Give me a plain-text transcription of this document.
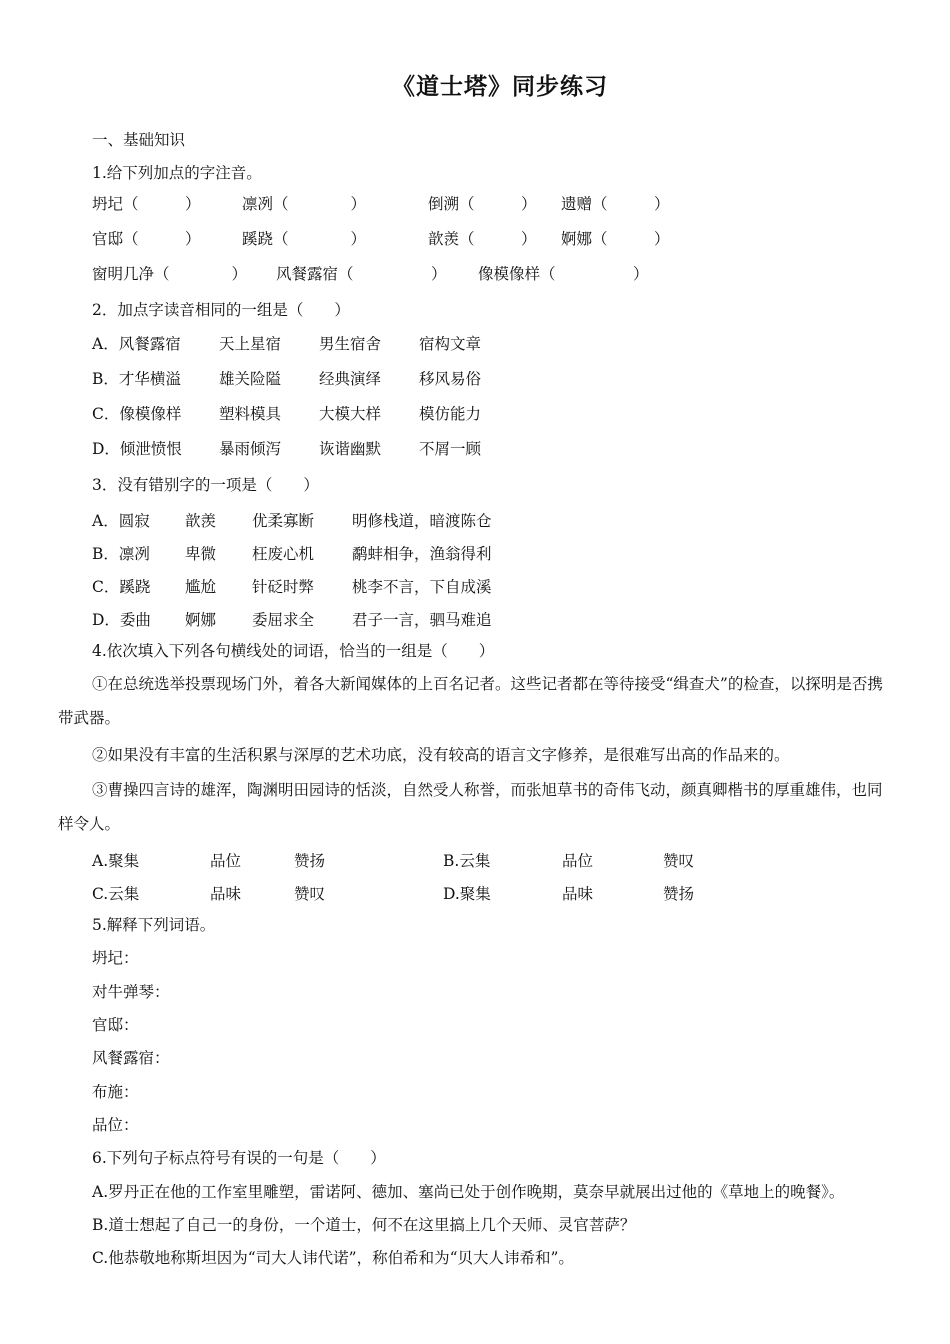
《道士塔》同步练习
一、基础知识
1.给下列加点的字注音。
坍圮（　　　）	凛冽（　　　　）	倒溯（　　　） 遗赠（　　　）
官邸（　　　）	蹊跷（　　　　）	歆羡（　　　） 婀娜（　　　）
窗明几净（　　　　） 风餐露宿（　　　　　） 像模像样（　　　　　）
2．加点字读音相同的一组是（　　）
A．风餐露宿 天上星宿 男生宿舍 宿构文章
B．才华横溢 雄关险隘 经典演绎 移风易俗
C．像模像样 塑料模具 大模大样 模仿能力
D．倾泄愤恨 暴雨倾泻 诙谐幽默 不屑一顾
3．没有错别字的一项是（　　）
A．圆寂 歆羡 优柔寡断 明修栈道，暗渡陈仓
B．凛冽 卑微 枉废心机 鹬蚌相争，渔翁得利
C．蹊跷 尴尬 针砭时弊 桃李不言，下自成溪
D．委曲 婀娜 委屈求全 君子一言，驷马难追
4.依次填入下列各句横线处的词语，恰当的一组是（　　）
①在总统选举投票现场门外，着各大新闻媒体的上百名记者。这些记者都在等待接受“缉查犬”的检查，以探明是否携带武器。
②如果没有丰富的生活积累与深厚的艺术功底，没有较高的语言文字修养，是很难写出高的作品来的。
③曹操四言诗的雄浑，陶渊明田园诗的恬淡，自然受人称誉，而张旭草书的奇伟飞动，颜真卿楷书的厚重雄伟，也同样令人。
A.聚集	品位	赞扬	B.云集	品位	赞叹
C.云集	品味	赞叹	D.聚集	品味	赞扬
5.解释下列词语。
坍圮：
对牛弹琴：
官邸：
风餐露宿：
布施：
品位：
6.下列句子标点符号有误的一句是（　　）
A.罗丹正在他的工作室里雕塑，雷诺阿、德加、塞尚已处于创作晚期，莫奈早就展出过他的《草地上的晚餐》。
B.道士想起了自己一的身份，一个道士，何不在这里搞上几个天师、灵官菩萨？
C.他恭敬地称斯坦因为“司大人讳代诺”，称伯希和为“贝大人讳希和”。
